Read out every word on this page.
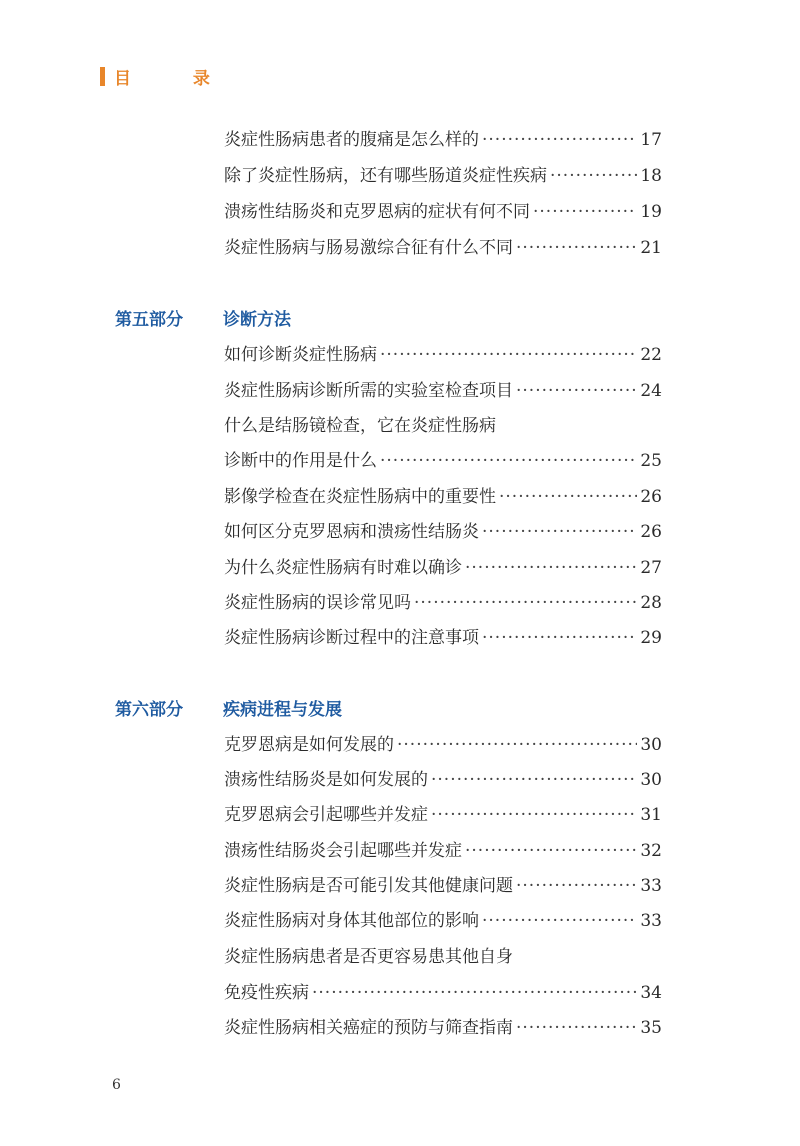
目 录
炎症性肠病患者的腹痛是怎么样的 ·····	17
除了炎症性肠病，还有哪些肠道炎症性疾病 ·····	18
溃疡性结肠炎和克罗恩病的症状有何不同 ·····	19
炎症性肠病与肠易激综合征有什么不同 ·····	21
第五部分	诊断方法
如何诊断炎症性肠病 ·····	22
炎症性肠病诊断所需的实验室检查项目 ·····	24
什么是结肠镜检查，它在炎症性肠病
诊断中的作用是什么 ·····	25
影像学检查在炎症性肠病中的重要性 ·····	26
如何区分克罗恩病和溃疡性结肠炎 ·····	26
为什么炎症性肠病有时难以确诊 ·····	27
炎症性肠病的误诊常见吗 ·····	28
炎症性肠病诊断过程中的注意事项 ·····	29
第六部分	疾病进程与发展
克罗恩病是如何发展的 ·····	30
溃疡性结肠炎是如何发展的 ·····	30
克罗恩病会引起哪些并发症 ·····	31
溃疡性结肠炎会引起哪些并发症 ·····	32
炎症性肠病是否可能引发其他健康问题 ·····	33
炎症性肠病对身体其他部位的影响 ·····	33
炎症性肠病患者是否更容易患其他自身
免疫性疾病 ·····	34
炎症性肠病相关癌症的预防与筛查指南 ·····	35
6
